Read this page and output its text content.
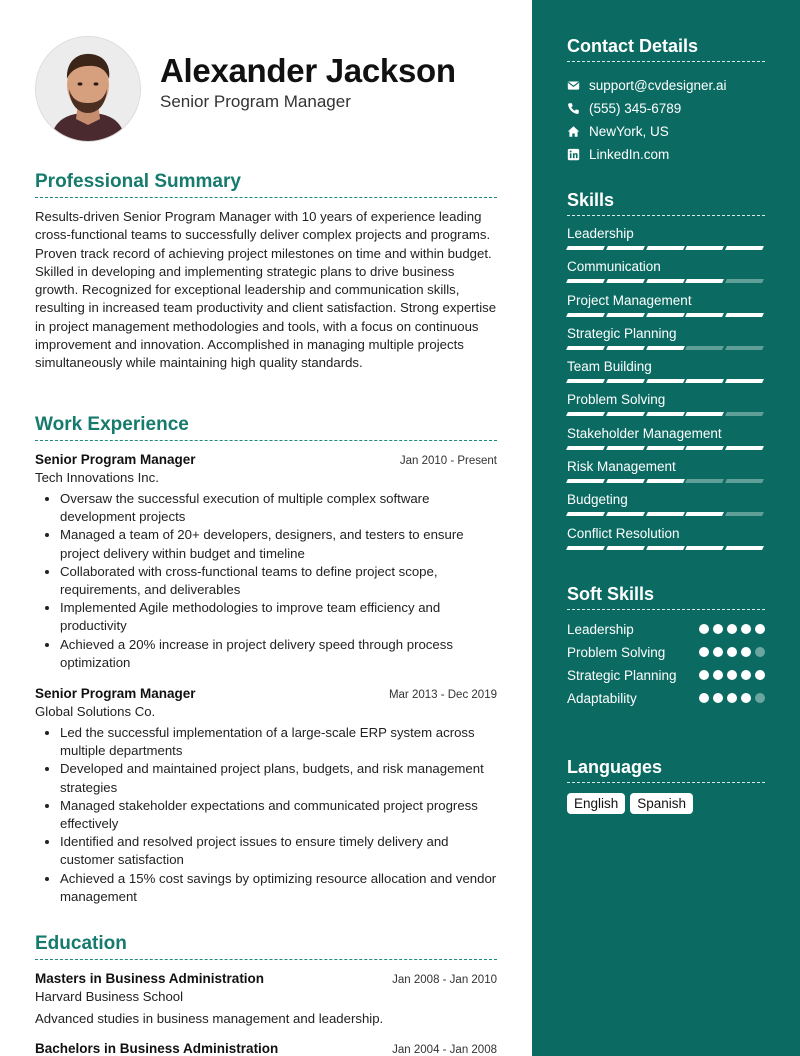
Alexander Jackson
Senior Program Manager
Professional Summary
Results-driven Senior Program Manager with 10 years of experience leading cross-functional teams to successfully deliver complex projects and programs. Proven track record of achieving project milestones on time and within budget. Skilled in developing and implementing strategic plans to drive business growth. Recognized for exceptional leadership and communication skills, resulting in increased team productivity and client satisfaction. Strong expertise in project management methodologies and tools, with a focus on continuous improvement and innovation. Accomplished in managing multiple projects simultaneously while maintaining high quality standards.
Work Experience
Senior Program Manager	Jan 2010 - Present
Tech Innovations Inc.
• Oversaw the successful execution of multiple complex software development projects
• Managed a team of 20+ developers, designers, and testers to ensure project delivery within budget and timeline
• Collaborated with cross-functional teams to define project scope, requirements, and deliverables
• Implemented Agile methodologies to improve team efficiency and productivity
• Achieved a 20% increase in project delivery speed through process optimization
Senior Program Manager	Mar 2013 - Dec 2019
Global Solutions Co.
• Led the successful implementation of a large-scale ERP system across multiple departments
• Developed and maintained project plans, budgets, and risk management strategies
• Managed stakeholder expectations and communicated project progress effectively
• Identified and resolved project issues to ensure timely delivery and customer satisfaction
• Achieved a 15% cost savings by optimizing resource allocation and vendor management
Education
Masters in Business Administration	Jan 2008 - Jan 2010
Harvard Business School
Advanced studies in business management and leadership.
Bachelors in Business Administration	Jan 2004 - Jan 2008
Contact Details
support@cvdesigner.ai
(555) 345-6789
NewYork, US
LinkedIn.com
Skills
Leadership
Communication
Project Management
Strategic Planning
Team Building
Problem Solving
Stakeholder Management
Risk Management
Budgeting
Conflict Resolution
Soft Skills
Leadership
Problem Solving
Strategic Planning
Adaptability
Languages
English	Spanish
